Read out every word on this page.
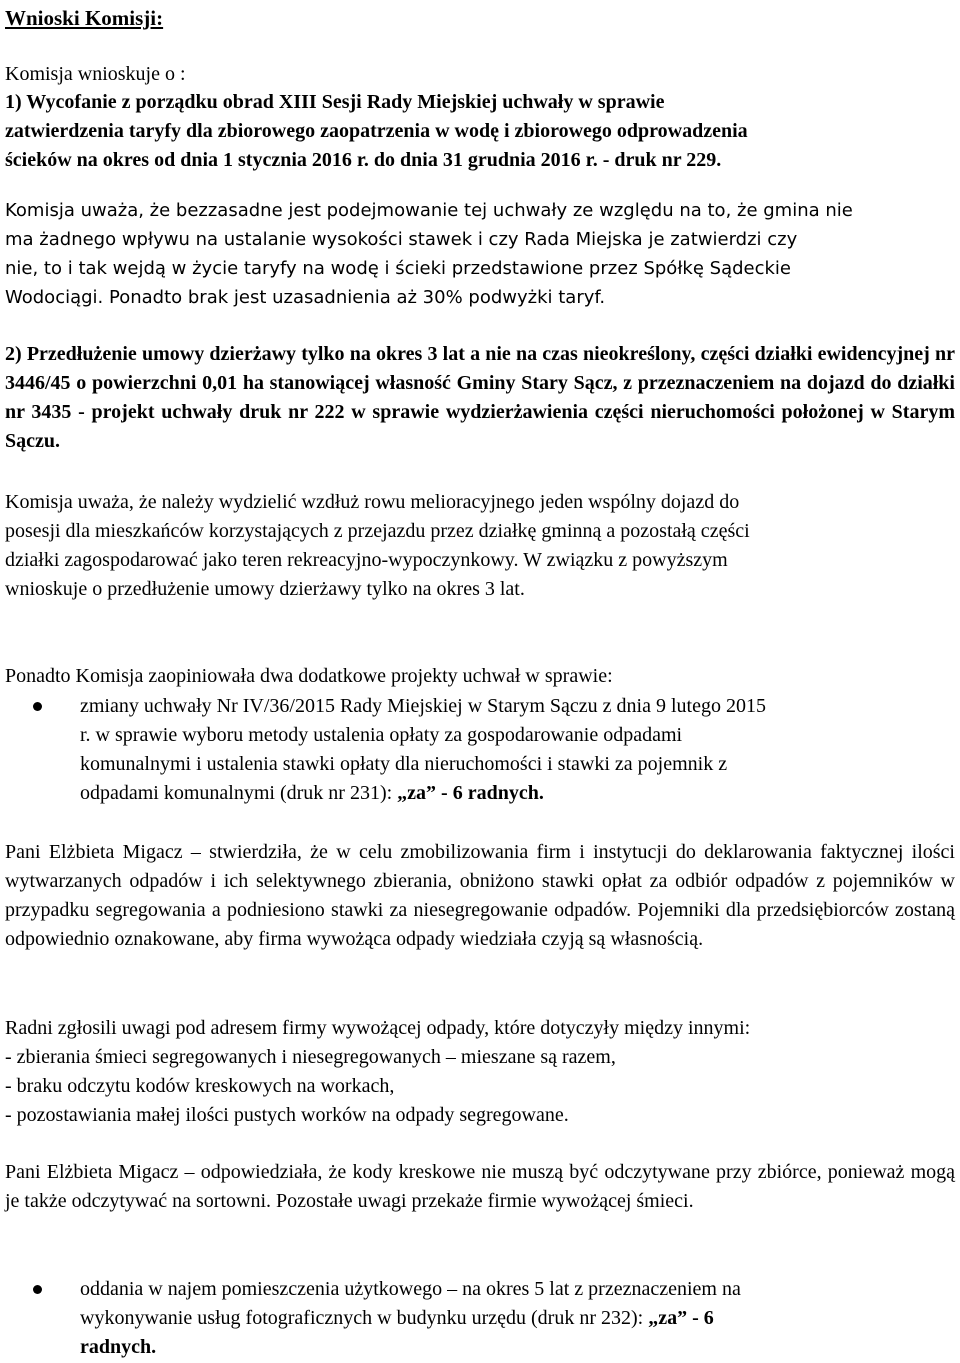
Wnioski Komisji:
Komisja wnioskuje o :
1) Wycofanie z porządku obrad XIII Sesji Rady Miejskiej uchwały w sprawie
zatwierdzenia taryfy dla zbiorowego zaopatrzenia w wodę i zbiorowego odprowadzenia
ścieków na okres od dnia 1 stycznia 2016 r. do dnia 31 grudnia 2016 r. - druk nr 229.
Komisja uważa, że bezzasadne jest podejmowanie tej uchwały ze względu na to, że gmina nie
ma żadnego wpływu na ustalanie wysokości stawek i czy Rada Miejska je zatwierdzi czy
nie, to i tak wejdą w życie taryfy na wodę i ścieki przedstawione przez Spółkę Sądeckie
Wodociągi. Ponadto brak jest uzasadnienia aż 30% podwyżki taryf.
2) Przedłużenie umowy dzierżawy tylko na okres 3 lat a nie na czas nieokreślony, części działki ewidencyjnej nr 3446/45 o powierzchni 0,01 ha stanowiącej własność Gminy Stary Sącz, z przeznaczeniem na dojazd do działki nr 3435 - projekt uchwały druk nr 222 w sprawie wydzierżawienia części nieruchomości położonej w Starym Sączu.
Komisja uważa, że należy wydzielić wzdłuż rowu melioracyjnego jeden wspólny dojazd do
posesji dla mieszkańców korzystających z przejazdu przez działkę gminną a pozostałą części
działki zagospodarować jako teren rekreacyjno-wypoczynkowy. W związku z powyższym
wnioskuje o przedłużenie umowy dzierżawy tylko na okres 3 lat.
Ponadto Komisja zaopiniowała dwa dodatkowe projekty uchwał w sprawie:
zmiany uchwały Nr IV/36/2015 Rady Miejskiej w Starym Sączu z dnia 9 lutego 2015
r. w sprawie wyboru metody ustalenia opłaty za gospodarowanie odpadami
komunalnymi i ustalenia stawki opłaty dla nieruchomości i stawki za pojemnik z
odpadami komunalnymi (druk nr 231): „za” - 6 radnych.
Pani Elżbieta Migacz – stwierdziła, że w celu zmobilizowania firm i instytucji do deklarowania faktycznej ilości wytwarzanych odpadów i ich selektywnego zbierania, obniżono stawki opłat za odbiór odpadów z pojemników w przypadku segregowania a podniesiono stawki za niesegregowanie odpadów. Pojemniki dla przedsiębiorców zostaną odpowiednio oznakowane, aby firma wywożąca odpady wiedziała czyją są własnością.
Radni zgłosili uwagi pod adresem firmy wywożącej odpady, które dotyczyły między innymi:
- zbierania śmieci segregowanych i niesegregowanych – mieszane są razem,
- braku odczytu kodów kreskowych na workach,
- pozostawiania małej ilości pustych worków na odpady segregowane.
Pani Elżbieta Migacz – odpowiedziała, że kody kreskowe nie muszą być odczytywane przy zbiórce, ponieważ mogą je także odczytywać na sortowni. Pozostałe uwagi przekaże firmie wywożącej śmieci.
oddania w najem pomieszczenia użytkowego – na okres 5 lat z przeznaczeniem na
wykonywanie usług fotograficznych w budynku urzędu (druk nr 232): „za” - 6
radnych.
